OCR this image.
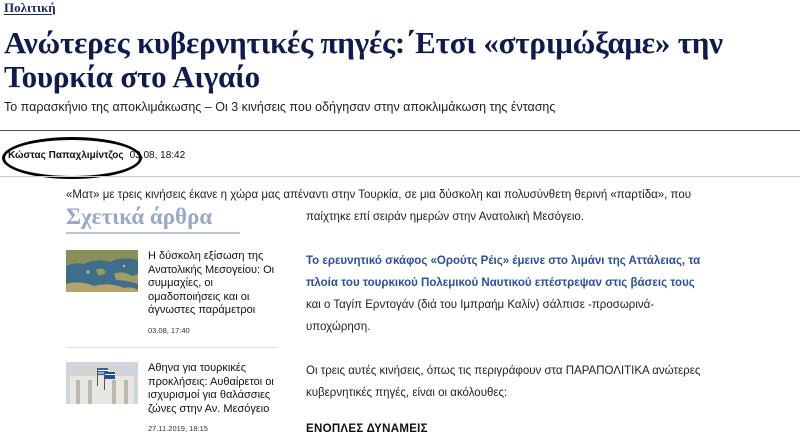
Πολιτική
Ανώτερες κυβερνητικές πηγές:΄Ετσι «στριμώξαμε» την Τουρκία στο Αιγαίο
Το παρασκήνιο της αποκλιμάκωσης – Οι 3 κινήσεις που οδήγησαν στην αποκλιμάκωση της έντασης
Κώστας Παπαχλιμίντζος 03.08, 18:42
«Ματ» με τρεις κινήσεις έκανε η χώρα μας απέναντι στην Τουρκία, σε μια δύσκολη και πολυσύνθετη θερινή «παρτίδα», που
Σχετικά άρθρα
Η δύσκολη εξίσωση της Ανατολικής Μεσογείου: Οι συμμαχίες, οι ομαδοποιήσεις και οι άγνωστες παράμετροι
03.08, 17:40
Αθηνα για τουρκικές προκλήσεις: Αυθαίρετοι οι ισχυρισμοί για θαλάσσιες ζώνες στην Αν. Μεσόγειο
27.11.2019, 18:15

παίχτηκε επί σειράν ημερών στην Ανατολική Μεσόγειο.

Το ερευνητικό σκάφος «Ορούτς Ρέις» έμεινε στο λιμάνι της Αττάλειας, τα πλοία του τουρκικού Πολεμικού Ναυτικού επέστρεψαν στις βάσεις τους και ο Ταγίπ Ερντογάν (διά του Ιμπραήμ Καλίν) σάλπισε -προσωρινά- υποχώρηση.

Οι τρεις αυτές κινήσεις, όπως τις περιγράφουν στα ΠΑΡΑΠΟΛΙΤΙΚΑ ανώτερες κυβερνητικές πηγές, είναι οι ακόλουθες:

ΕΝΟΠΛΕΣ ΔΥΝΑΜΕΙΣ
